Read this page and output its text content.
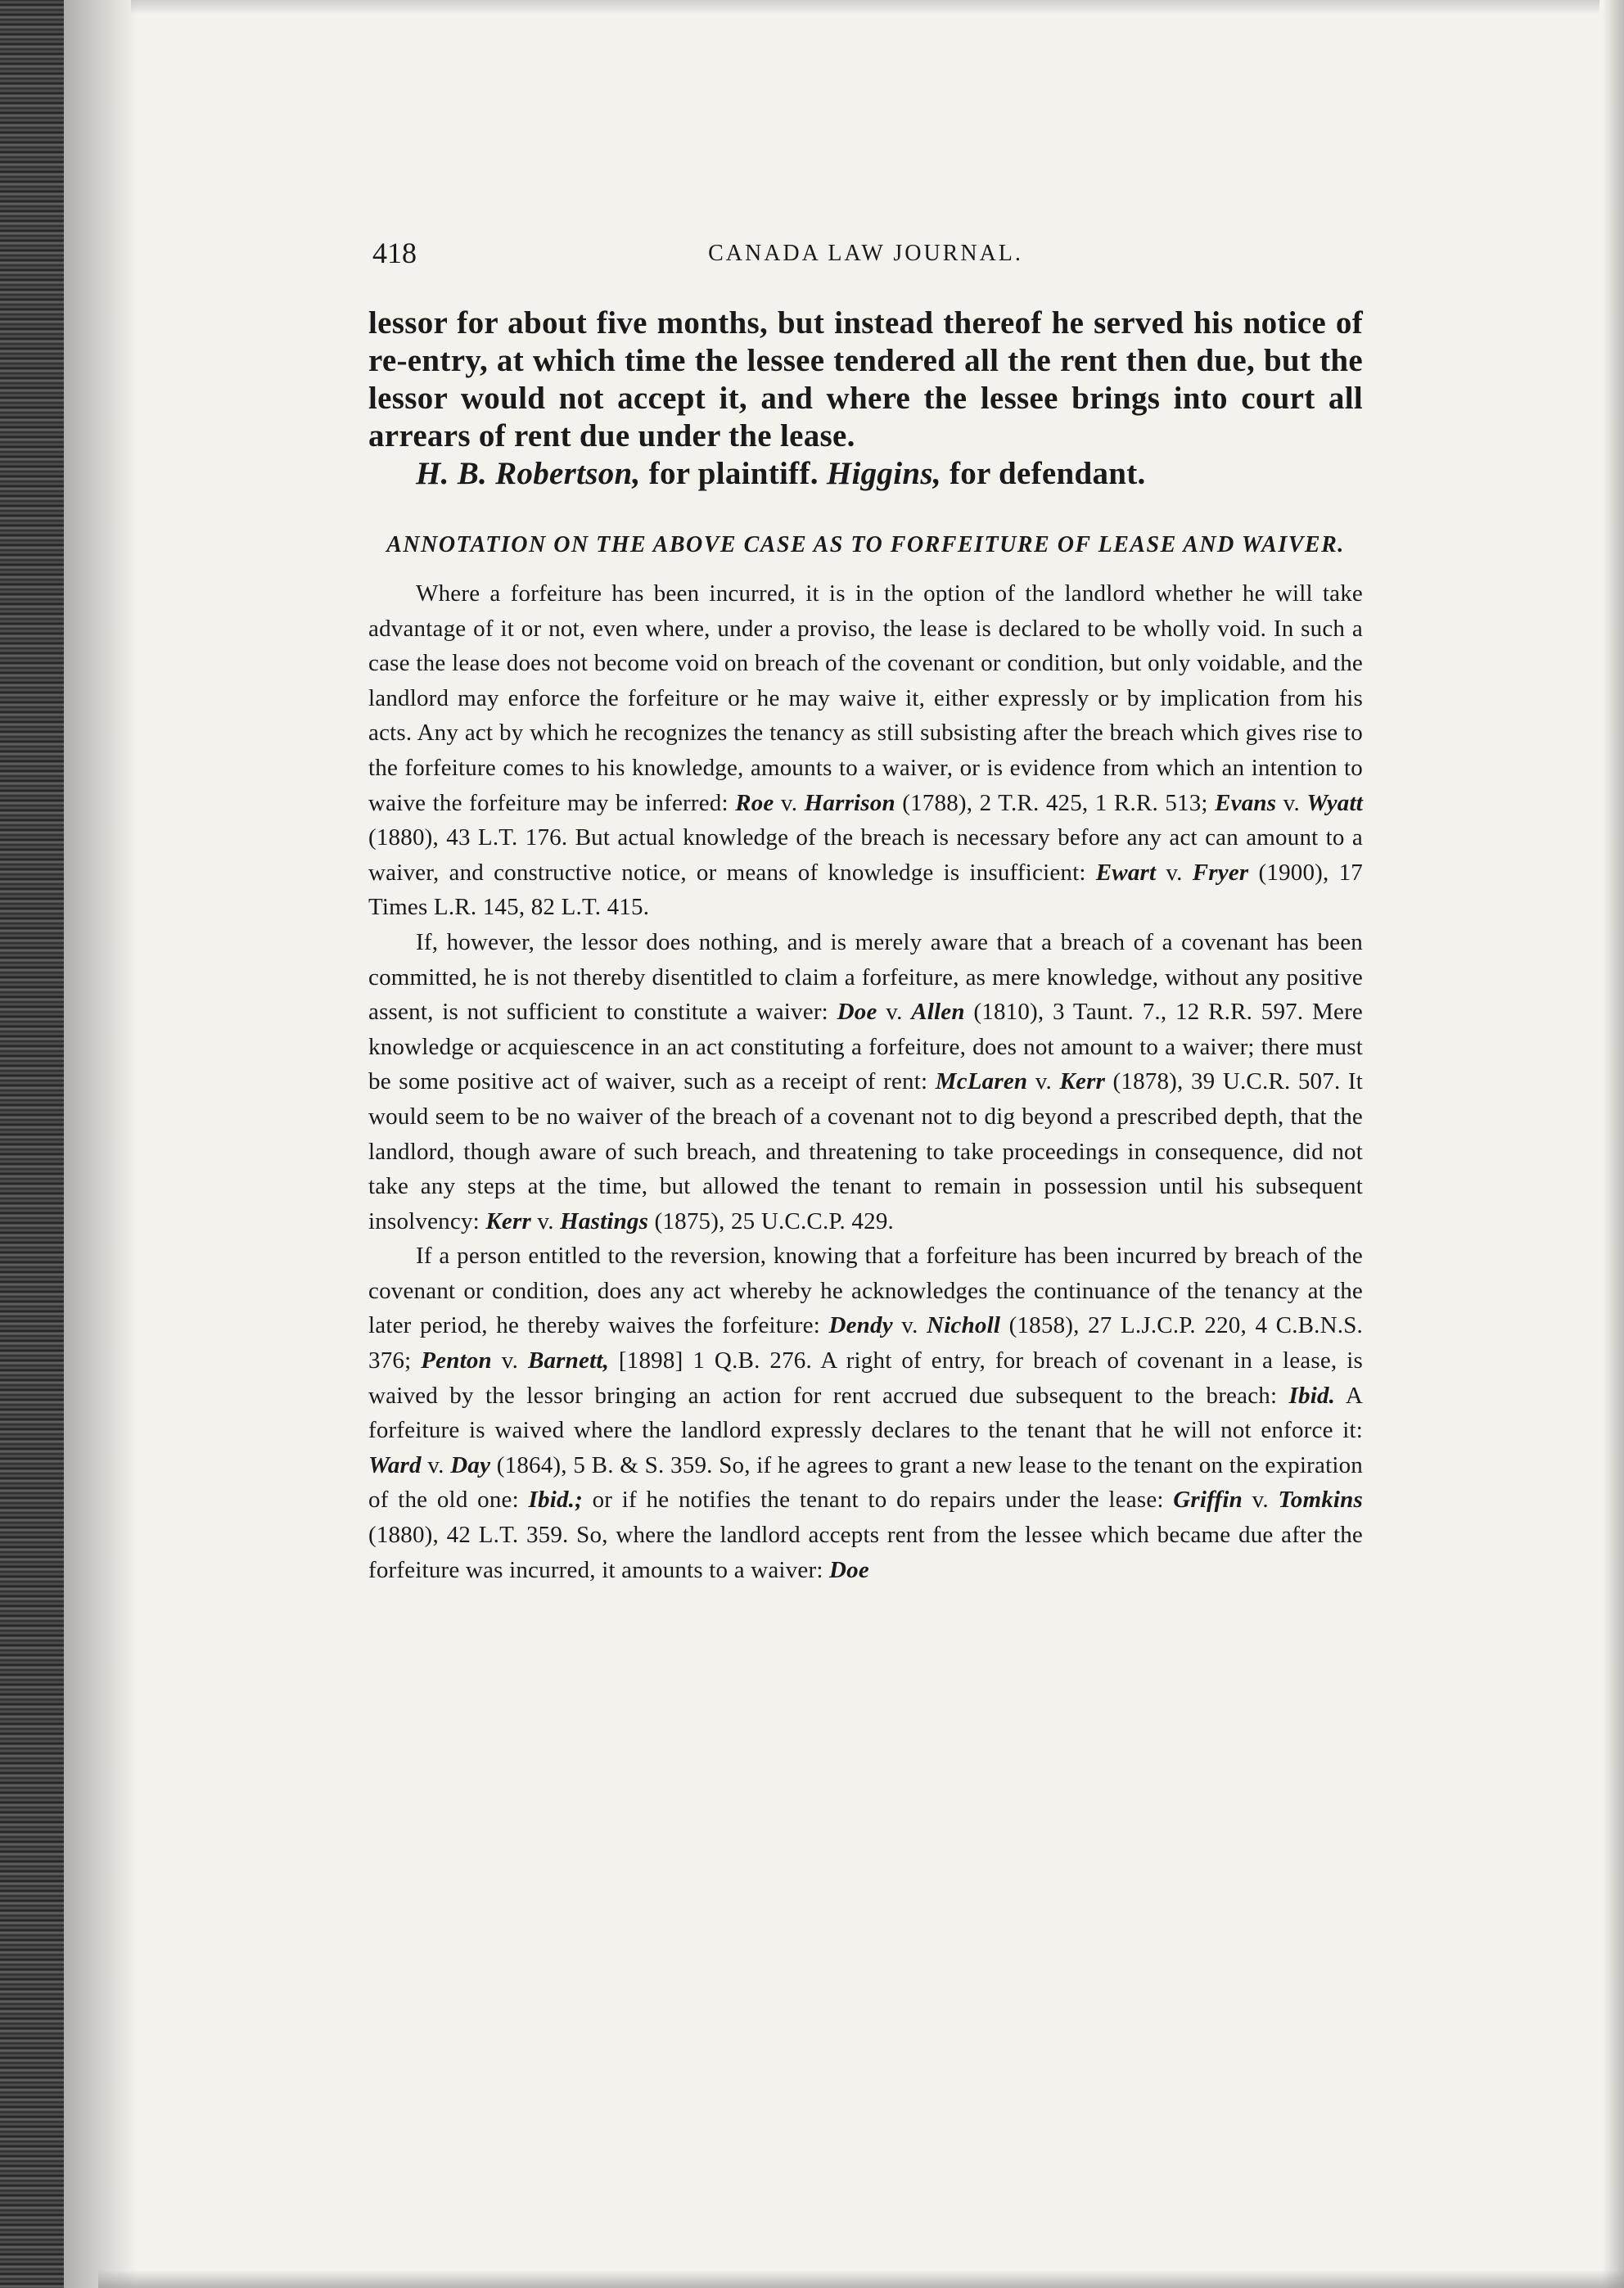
418	CANADA LAW JOURNAL.

lessor for about five months, but instead thereof he served his notice of re-entry, at which time the lessee tendered all the rent then due, but the lessor would not accept it, and where the lessee brings into court all arrears of rent due under the lease.

H. B. Robertson, for plaintiff. Higgins, for defendant.

ANNOTATION ON THE ABOVE CASE AS TO FORFEITURE OF LEASE AND WAIVER.

Where a forfeiture has been incurred, it is in the option of the landlord whether he will take advantage of it or not, even where, under a proviso, the lease is declared to be wholly void. In such a case the lease does not become void on breach of the covenant or condition, but only voidable, and the landlord may enforce the forfeiture or he may waive it, either expressly or by implication from his acts. Any act by which he recognizes the tenancy as still subsisting after the breach which gives rise to the forfeiture comes to his knowledge, amounts to a waiver, or is evidence from which an intention to waive the forfeiture may be inferred: Roe v. Harrison (1788), 2 T.R. 425, 1 R.R. 513; Evans v. Wyatt (1880), 43 L.T. 176. But actual knowledge of the breach is necessary before any act can amount to a waiver, and constructive notice, or means of knowledge is insufficient: Ewart v. Fryer (1900), 17 Times L.R. 145, 82 L.T. 415.

If, however, the lessor does nothing, and is merely aware that a breach of a covenant has been committed, he is not thereby disentitled to claim a forfeiture, as mere knowledge, without any positive assent, is not sufficient to constitute a waiver: Doe v. Allen (1810), 3 Taunt. 7., 12 R.R. 597. Mere knowledge or acquiescence in an act constituting a forfeiture, does not amount to a waiver; there must be some positive act of waiver, such as a receipt of rent: McLaren v. Kerr (1878), 39 U.C.R. 507. It would seem to be no waiver of the breach of a covenant not to dig beyond a prescribed depth, that the landlord, though aware of such breach, and threatening to take proceedings in consequence, did not take any steps at the time, but allowed the tenant to remain in possession until his subsequent insolvency: Kerr v. Hastings (1875), 25 U.C.C.P. 429.

If a person entitled to the reversion, knowing that a forfeiture has been incurred by breach of the covenant or condition, does any act whereby he acknowledges the continuance of the tenancy at the later period, he thereby waives the forfeiture: Dendy v. Nicholl (1858), 27 L.J.C.P. 220, 4 C.B.N.S. 376; Penton v. Barnett, [1898] 1 Q.B. 276. A right of entry, for breach of covenant in a lease, is waived by the lessor bringing an action for rent accrued due subsequent to the breach: Ibid. A forfeiture is waived where the landlord expressly declares to the tenant that he will not enforce it: Ward v. Day (1864), 5 B. & S. 359. So, if he agrees to grant a new lease to the tenant on the expiration of the old one: Ibid.; or if he notifies the tenant to do repairs under the lease: Griffin v. Tomkins (1880), 42 L.T. 359. So, where the landlord accepts rent from the lessee which became due after the forfeiture was incurred, it amounts to a waiver: Doe
